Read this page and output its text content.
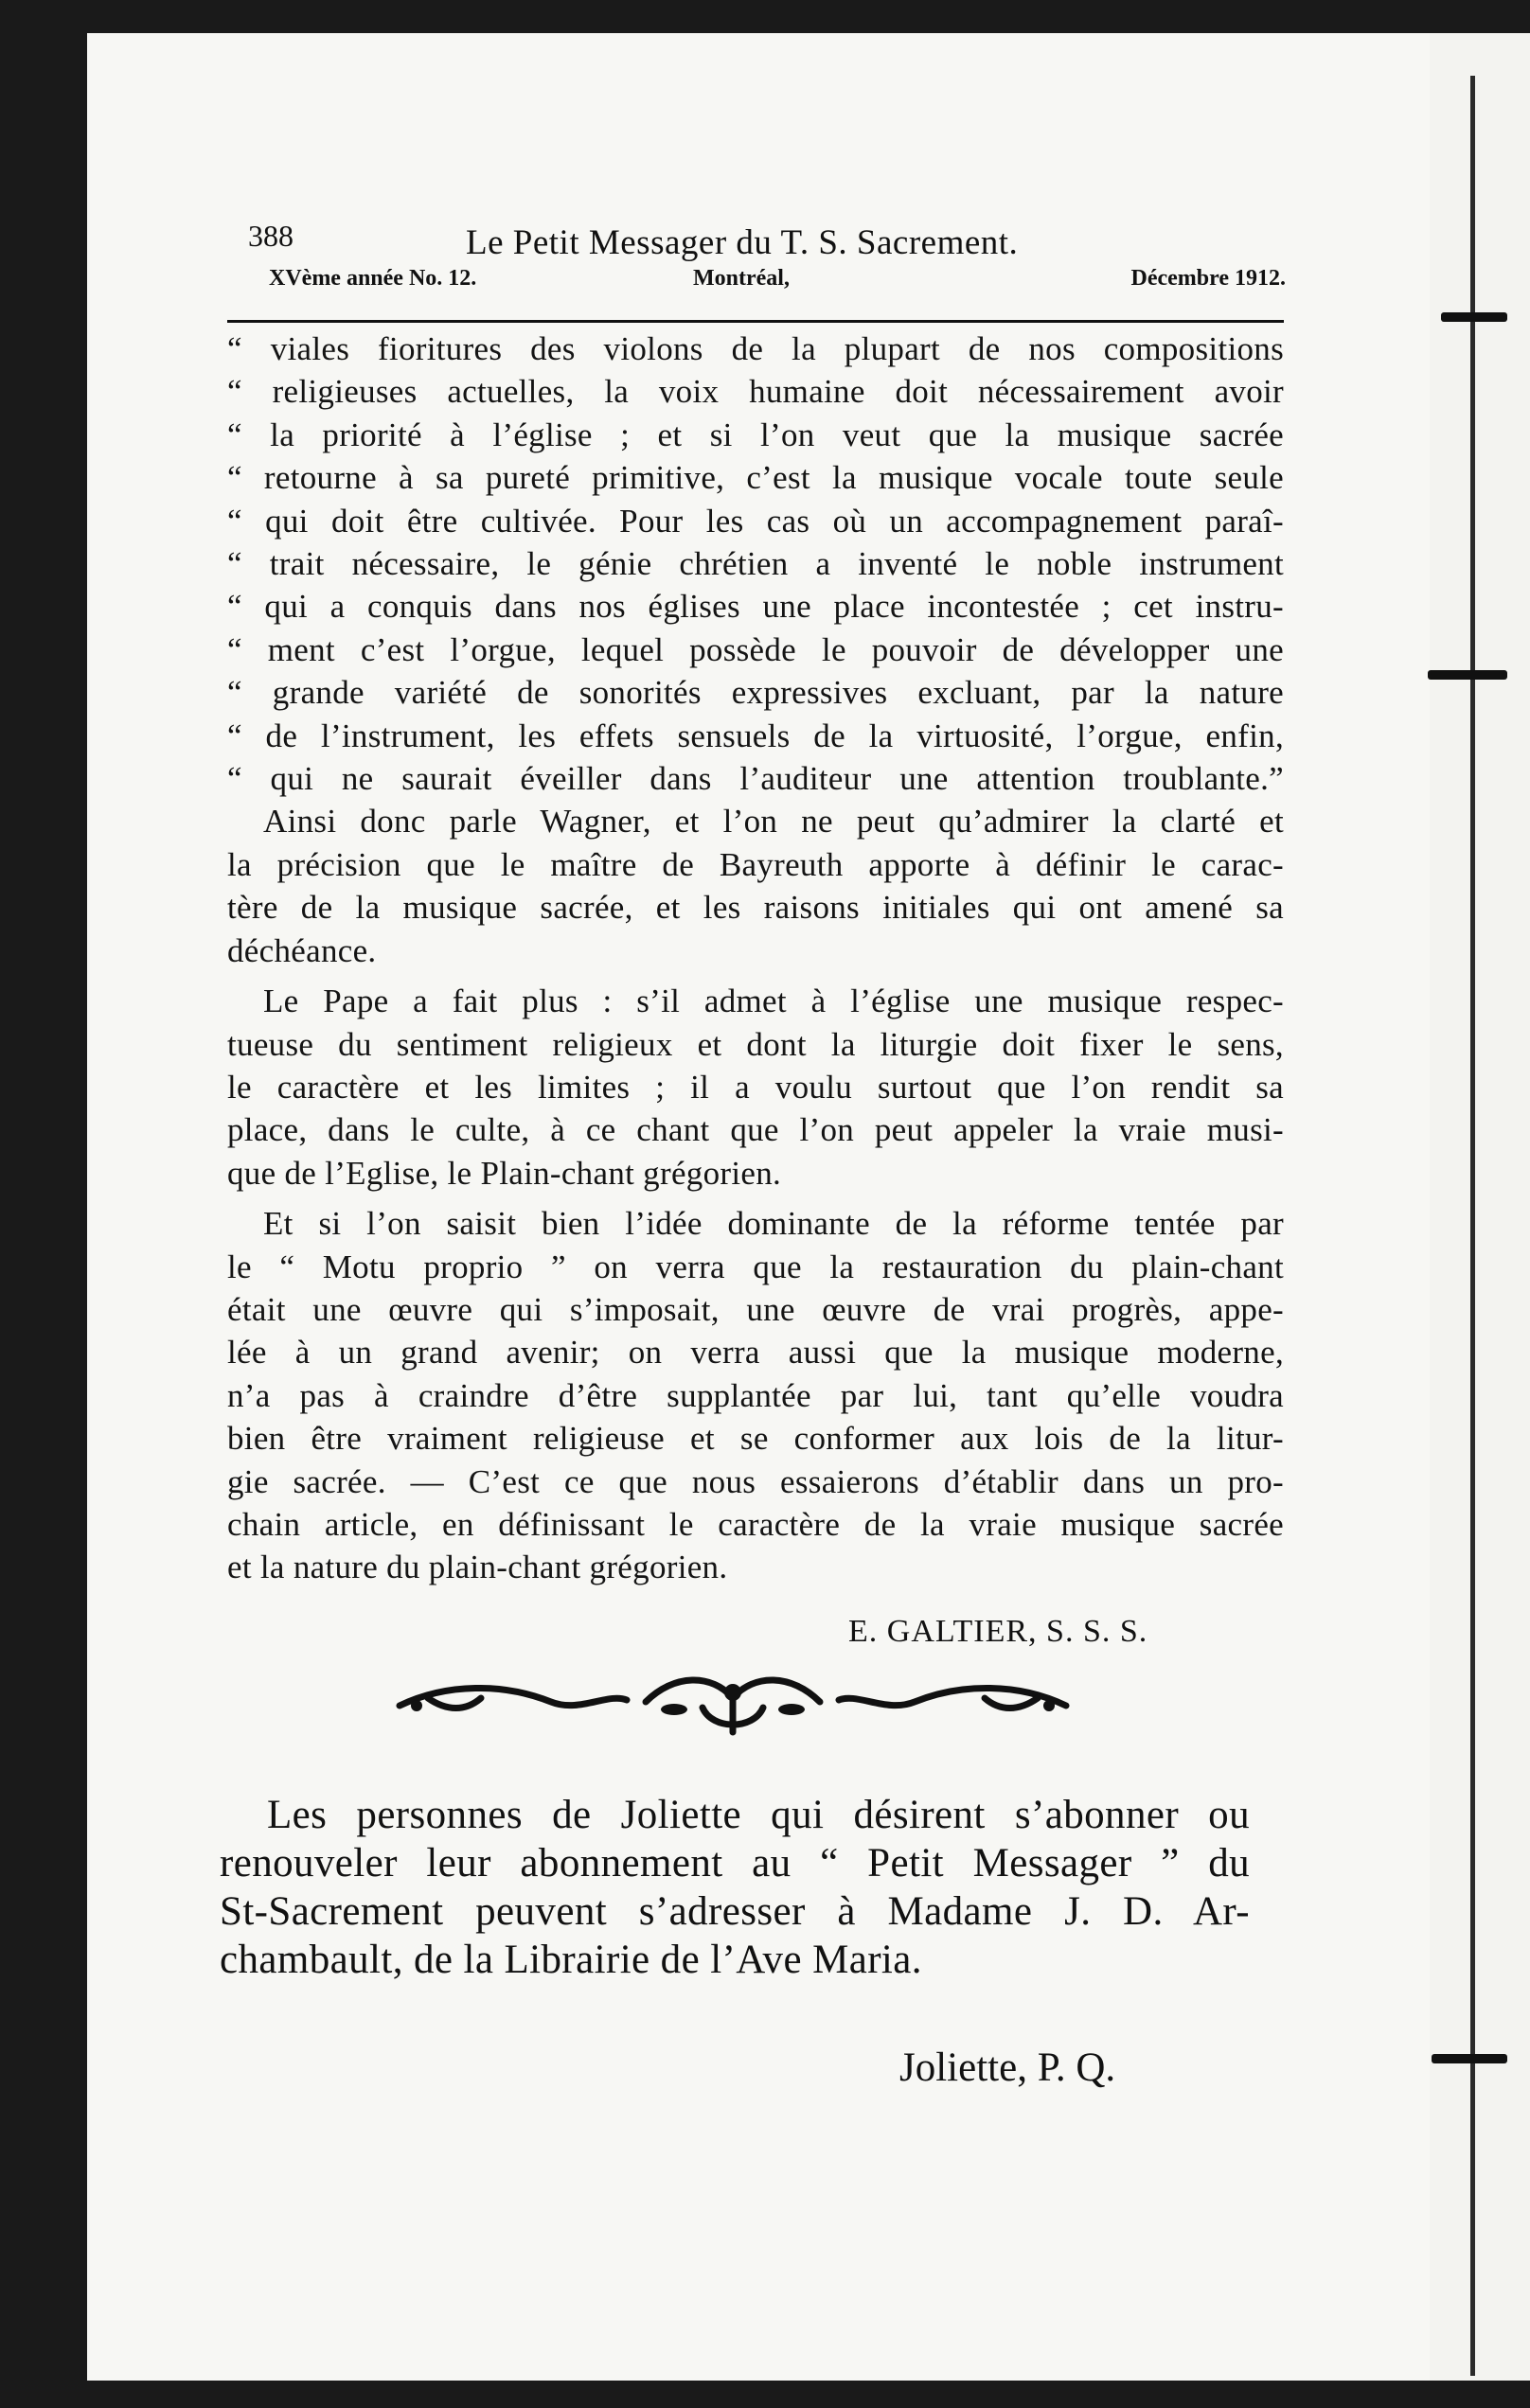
388	Le Petit Messager du T. S. Sacrement.
XVème année No. 12.	Montréal,	Décembre 1912.

“ viales fioritures des violons de la plupart de nos compositions

“ religieuses actuelles, la voix humaine doit nécessairement avoir

“ la priorité à l’église ; et si l’on veut que la musique sacrée

“ retourne à sa pureté primitive, c’est la musique vocale toute seule

“ qui doit être cultivée. Pour les cas où un accompagnement paraî-

“ trait nécessaire, le génie chrétien a inventé le noble instrument

“ qui a conquis dans nos églises une place incontestée ; cet instru-

“ ment c’est l’orgue, lequel possède le pouvoir de développer une

“ grande variété de sonorités expressives excluant, par la nature

“ de l’instrument, les effets sensuels de la virtuosité, l’orgue, enfin,

“ qui ne saurait éveiller dans l’auditeur une attention troublante.”

Ainsi donc parle Wagner, et l’on ne peut qu’admirer la clarté et

la précision que le maître de Bayreuth apporte à définir le carac-

tère de la musique sacrée, et les raisons initiales qui ont amené sa

déchéance.

Le Pape a fait plus : s’il admet à l’église une musique respec-

tueuse du sentiment religieux et dont la liturgie doit fixer le sens,

le caractère et les limites ; il a voulu surtout que l’on rendit sa

place, dans le culte, à ce chant que l’on peut appeler la vraie musi-

que de l’Eglise, le Plain-chant grégorien.

Et si l’on saisit bien l’idée dominante de la réforme tentée par

le “ Motu proprio ” on verra que la restauration du plain-chant

était une œuvre qui s’imposait, une œuvre de vrai progrès, appe-

lée à un grand avenir; on verra aussi que la musique moderne,

n’a pas à craindre d’être supplantée par lui, tant qu’elle voudra

bien être vraiment religieuse et se conformer aux lois de la litur-

gie sacrée. — C’est ce que nous essaierons d’établir dans un pro-

chain article, en définissant le caractère de la vraie musique sacrée

et la nature du plain-chant grégorien.

E. GALTIER, S. S. S.

Les personnes de Joliette qui désirent s’abonner ou

renouveler leur abonnement au “ Petit Messager ” du

St-Sacrement peuvent s’adresser à Madame J. D. Ar-

chambault, de la Librairie de l’Ave Maria.

Joliette, P. Q.
